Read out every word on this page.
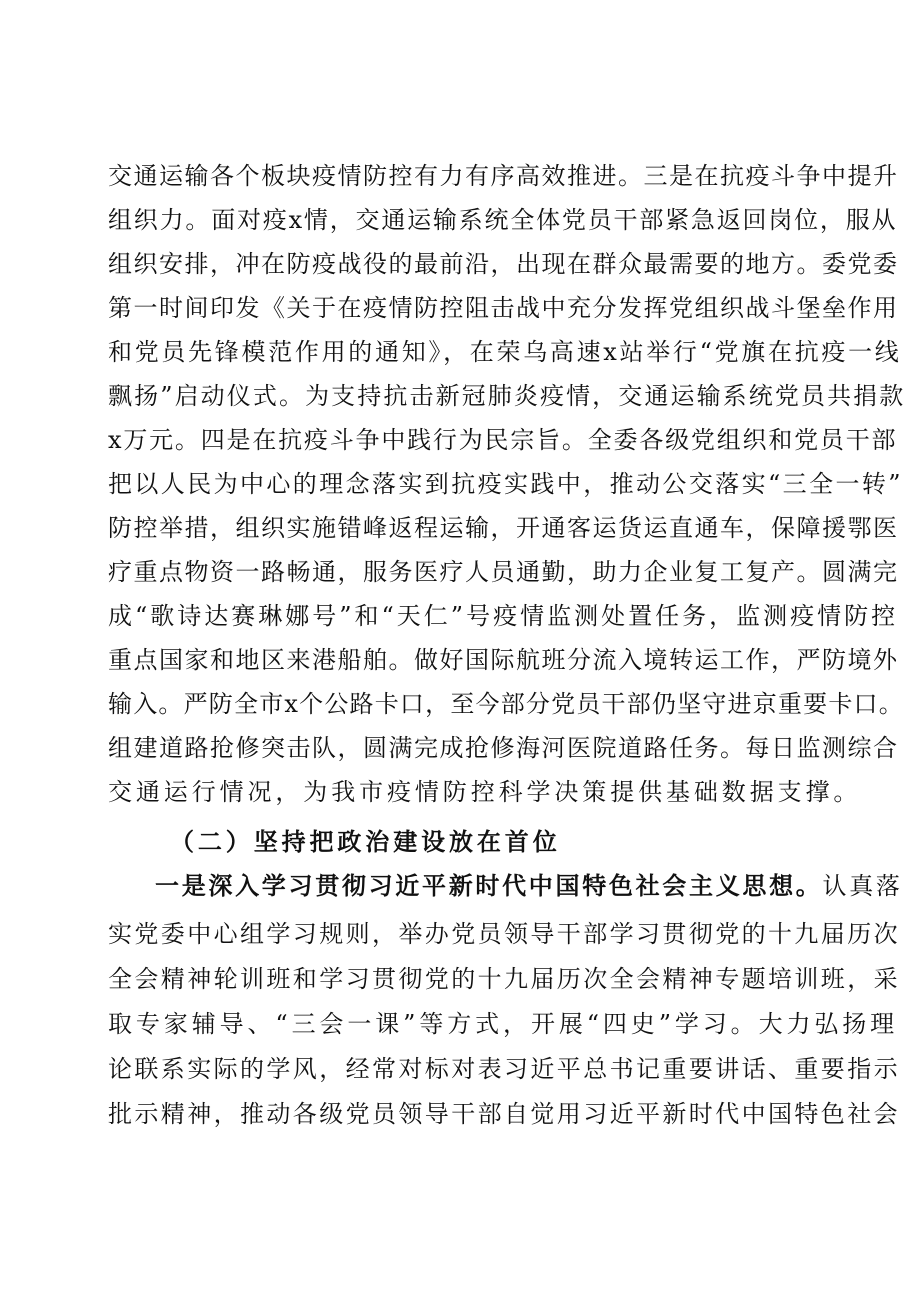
交通运输各个板块疫情防控有力有序高效推进。三是在抗疫斗争中提升

组织力。面对疫x情，交通运输系统全体党员干部紧急返回岗位，服从

组织安排，冲在防疫战役的最前沿，出现在群众最需要的地方。委党委

第一时间印发《关于在疫情防控阻击战中充分发挥党组织战斗堡垒作用

和党员先锋模范作用的通知》，在荣乌高速x站举行“党旗在抗疫一线

飘扬”启动仪式。为支持抗击新冠肺炎疫情，交通运输系统党员共捐款

x万元。四是在抗疫斗争中践行为民宗旨。全委各级党组织和党员干部

把以人民为中心的理念落实到抗疫实践中，推动公交落实“三全一转”

防控举措，组织实施错峰返程运输，开通客运货运直通车，保障援鄂医

疗重点物资一路畅通，服务医疗人员通勤，助力企业复工复产。圆满完

成“歌诗达赛琳娜号”和“天仁”号疫情监测处置任务，监测疫情防控

重点国家和地区来港船舶。做好国际航班分流入境转运工作，严防境外

输入。严防全市x个公路卡口，至今部分党员干部仍坚守进京重要卡口。

组建道路抢修突击队，圆满完成抢修海河医院道路任务。每日监测综合

交通运行情况，为我市疫情防控科学决策提供基础数据支撑。

（二）坚持把政治建设放在首位

一是深入学习贯彻习近平新时代中国特色社会主义思想。认真落

实党委中心组学习规则，举办党员领导干部学习贯彻党的十九届历次

全会精神轮训班和学习贯彻党的十九届历次全会精神专题培训班，采

取专家辅导、“三会一课”等方式，开展“四史”学习。大力弘扬理

论联系实际的学风，经常对标对表习近平总书记重要讲话、重要指示

批示精神，推动各级党员领导干部自觉用习近平新时代中国特色社会
